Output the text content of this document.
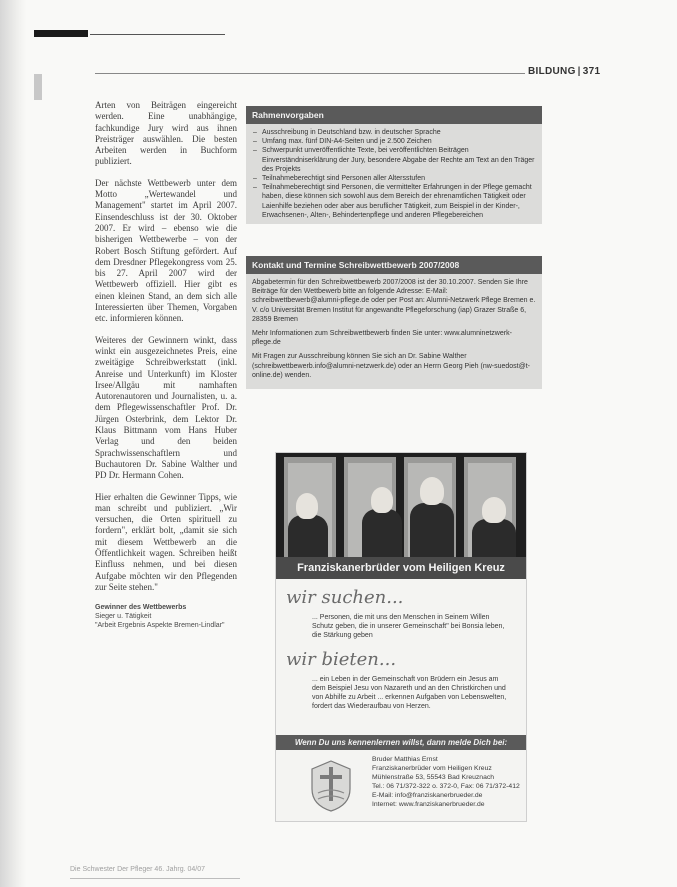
BILDUNG | 371

Arten von Beiträgen eingereicht werden. Eine unabhängige, fachkundige Jury wird aus ihnen Preisträger auswählen. Die besten Arbeiten werden in Buchform publiziert.

Der nächste Wettbewerb unter dem Motto „Wertewandel und Management" startet im April 2007. Einsendeschluss ist der 30. Oktober 2007. Er wird – ebenso wie die bisherigen Wettbewerbe – von der Robert Bosch Stiftung gefördert. Auf dem Dresdner Pflegekongress vom 25. bis 27. April 2007 wird der Wettbewerb offiziell. Hier gibt es einen kleinen Stand, an dem sich alle Interessierten über Themen, Vorgaben etc. informieren können.

Weiteres der Gewinnern winkt, dass winkt ein ausgezeichnetes Preis, eine zweitägige Schreibwerkstatt (inkl. Anreise und Unterkunft) im Kloster Irsee/Allgäu mit namhaften Autorenautoren und Journalisten, u. a. dem Pflegewissenschaftler Prof. Dr. Jürgen Osterbrink, dem Lektor Dr. Klaus Bittmann vom Hans Huber Verlag und den beiden Sprachwissenschaftlern und Buchautoren Dr. Sabine Walther und PD Dr. Hermann Cohen.

Hier erhalten die Gewinner Tipps, wie man schreibt und publiziert. „Wir versuchen, die Orten spirituell zu fordern", erklärt bolt, „damit sie sich mit diesem Wettbewerb an die Öffentlichkeit wagen. Schreiben heißt Einfluss nehmen, und bei diesen Aufgabe möchten wir den Pflegenden zur Seite stehen."

Gewinner des Wettbewerbs
Sieger u. Tätigkeit
"Arbeit Ergebnis Aspekte Bremen-Lindlar"
Rahmenvorgaben
– Ausschreibung in Deutschland bzw. in deutscher Sprache
– Umfang max. fünf DIN-A4-Seiten und je 2.500 Zeichen
– Schwerpunkt unveröffentlichte Texte, bei veröffentlichten Beiträgen Einverständniserklärung der Jury, besondere Abgabe der Rechte am Text an den Träger des Projekts
– Teilnahmeberechtigt sind Personen aller Altersstufen
– Teilnahmeberechtigt sind Personen, die vermittelter Erfahrungen in der Pflege gemacht haben, diese können sich sowohl aus dem Bereich der ehrenamtlichen Tätigkeit oder Laienhilfe beziehen oder aber aus beruflicher Tätigkeit, zum Beispiel in der Kinder-, Erwachsenen-, Alten-, Behindertenpflege und anderen Pflegebereichen
Kontakt und Termine Schreibwettbewerb 2007/2008

Abgabetermin für den Schreibwettbewerb 2007/2008 ist der 30.10.2007. Senden Sie Ihre Beiträge für den Wettbewerb bitte an folgende Adresse: E-Mail: schreibwettbewerb@alumni-pflege.de oder per Post an: Alumni-Netzwerk Pflege Bremen e. V. c/o Universität Bremen Institut für angewandte Pflegeforschung (iap) Grazer Straße 6, 28359 Bremen

Mehr Informationen zum Schreibwettbewerb finden Sie unter: www.alumninetzwerk-pflege.de

Mit Fragen zur Ausschreibung können Sie sich an Dr. Sabine Walther (schreibwettbewerb.info@alumni-netzwerk.de) oder an Herrn Georg Pieh (nw-suedost@t-online.de) wenden.

Franziskanerbrüder vom Heiligen Kreuz
wir suchen...
... Personen, die mit uns den Menschen in Seinem Willen Schutz geben, die in unserer Gemeinschaft" bei Bonsia leben, die Stärkung geben
wir bieten...
... ein Leben in der Gemeinschaft von Brüdern ein Jesus am dem Beispiel Jesu von Nazareth und an den Christkirchen und von Abhilfe zu Arbeit ... erkennen Aufgaben von Lebenswelten, fordert das Wiederaufbau von Herzen.
Wenn Du uns kennenlernen willst, dann melde Dich bei:
Bruder Matthias Ernst
Franziskanerbrüder vom Heiligen Kreuz
Mühlenstraße 53, 55543 Bad Kreuznach
Tel.: 06 71/372-322 o. 372-0, Fax: 06 71/372-412
E-Mail: info@franziskanerbrueder.de
Internet: www.franziskanerbrueder.de
Die Schwester Der Pfleger 46. Jahrg. 04/07
